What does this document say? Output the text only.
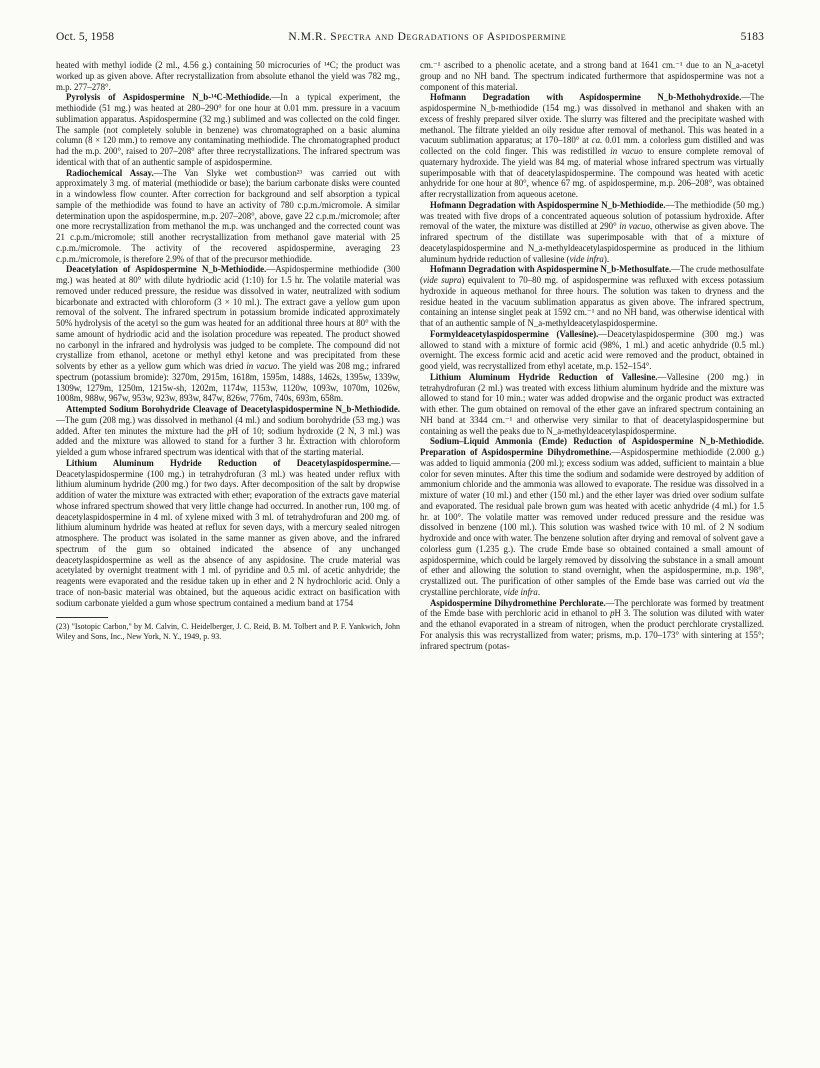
Oct. 5, 1958	N.M.R. Spectra and Degradations of Aspidospermine	5183

heated with methyl iodide (2 ml., 4.56 g.) containing 50 microcuries of ¹⁴C; the product was worked up as given above. After recrystallization from absolute ethanol the yield was 782 mg., m.p. 277–278°.

Pyrolysis of Aspidospermine N_b-¹⁴C-Methiodide.—In a typical experiment, the methiodide (51 mg.) was heated at 280–290° for one hour at 0.01 mm. pressure in a vacuum sublimation apparatus. Aspidospermine (32 mg.) sublimed and was collected on the cold finger. The sample (not completely soluble in benzene) was chromatographed on a basic alumina column (8 × 120 mm.) to remove any contaminating methiodide. The chromatographed product had the m.p. 200°, raised to 207–208° after three recrystallizations. The infrared spectrum was identical with that of an authentic sample of aspidospermine.

Radiochemical Assay.—The Van Slyke wet combustion²³ was carried out with approximately 3 mg. of material (methiodide or base); the barium carbonate disks were counted in a windowless flow counter. After correction for background and self absorption a typical sample of the methiodide was found to have an activity of 780 c.p.m./micromole. A similar determination upon the aspidospermine, m.p. 207–208°, above, gave 22 c.p.m./micromole; after one more recrystallization from methanol the m.p. was unchanged and the corrected count was 21 c.p.m./micromole; still another recrystallization from methanol gave material with 25 c.p.m./micromole. The activity of the recovered aspidospermine, averaging 23 c.p.m./micromole, is therefore 2.9% of that of the precursor methiodide.

Deacetylation of Aspidospermine N_b-Methiodide.—Aspidospermine methiodide (300 mg.) was heated at 80° with dilute hydriodic acid (1:10) for 1.5 hr. The volatile material was removed under reduced pressure, the residue was dissolved in water, neutralized with sodium bicarbonate and extracted with chloroform (3 × 10 ml.). The extract gave a yellow gum upon removal of the solvent. The infrared spectrum in potassium bromide indicated approximately 50% hydrolysis of the acetyl so the gum was heated for an additional three hours at 80° with the same amount of hydriodic acid and the isolation procedure was repeated. The product showed no carbonyl in the infrared and hydrolysis was judged to be complete. The compound did not crystallize from ethanol, acetone or methyl ethyl ketone and was precipitated from these solvents by ether as a yellow gum which was dried in vacuo. The yield was 208 mg.; infrared spectrum (potassium bromide): 3270m, 2915m, 1618m, 1595m, 1488s, 1462s, 1395w, 1339w, 1309w, 1279m, 1250m, 1215w-sh, 1202m, 1174w, 1153w, 1120w, 1093w, 1070m, 1026w, 1008m, 988w, 967w, 953w, 923w, 893w, 847w, 826w, 776m, 740s, 693m, 658m.

Attempted Sodium Borohydride Cleavage of Deacetylaspidospermine N_b-Methiodide.—The gum (208 mg.) was dissolved in methanol (4 ml.) and sodium borohydride (53 mg.) was added. After ten minutes the mixture had the pH of 10; sodium hydroxide (2 N, 3 ml.) was added and the mixture was allowed to stand for a further 3 hr. Extraction with chloroform yielded a gum whose infrared spectrum was identical with that of the starting material.

Lithium Aluminum Hydride Reduction of Deacetylaspidospermine.—Deacetylaspidospermine (100 mg.) in tetrahydrofuran (3 ml.) was heated under reflux with lithium aluminum hydride (200 mg.) for two days. After decomposition of the salt by dropwise addition of water the mixture was extracted with ether; evaporation of the extracts gave material whose infrared spectrum showed that very little change had occurred. In another run, 100 mg. of deacetylaspidospermine in 4 ml. of xylene mixed with 3 ml. of tetrahydrofuran and 200 mg. of lithium aluminum hydride was heated at reflux for seven days, with a mercury sealed nitrogen atmosphere. The product was isolated in the same manner as given above, and the infrared spectrum of the gum so obtained indicated the absence of any unchanged deacetylaspidospermine as well as the absence of any aspidosine. The crude material was acetylated by overnight treatment with 1 ml. of pyridine and 0.5 ml. of acetic anhydride; the reagents were evaporated and the residue taken up in ether and 2 N hydrochloric acid. Only a trace of non-basic material was obtained, but the aqueous acidic extract on basification with sodium carbonate yielded a gum whose spectrum contained a medium band at 1754

(23) "Isotopic Carbon," by M. Calvin, C. Heidelberger, J. C. Reid, B. M. Tolbert and P. F. Yankwich, John Wiley and Sons, Inc., New York, N. Y., 1949, p. 93.

cm.⁻¹ ascribed to a phenolic acetate, and a strong band at 1641 cm.⁻¹ due to an N_a-acetyl group and no NH band. The spectrum indicated furthermore that aspidospermine was not a component of this material.

Hofmann Degradation with Aspidospermine N_b-Methohydroxide.—The aspidospermine N_b-methiodide (154 mg.) was dissolved in methanol and shaken with an excess of freshly prepared silver oxide. The slurry was filtered and the precipitate washed with methanol. The filtrate yielded an oily residue after removal of methanol. This was heated in a vacuum sublimation apparatus; at 170–180° at ca. 0.01 mm. a colorless gum distilled and was collected on the cold finger. This was redistilled in vacuo to ensure complete removal of quaternary hydroxide. The yield was 84 mg. of material whose infrared spectrum was virtually superimposable with that of deacetylaspidospermine. The compound was heated with acetic anhydride for one hour at 80°, whence 67 mg. of aspidospermine, m.p. 206–208°, was obtained after recrystallization from aqueous acetone.

Hofmann Degradation with Aspidospermine N_b-Methiodide.—The methiodide (50 mg.) was treated with five drops of a concentrated aqueous solution of potassium hydroxide. After removal of the water, the mixture was distilled at 290° in vacuo, otherwise as given above. The infrared spectrum of the distillate was superimposable with that of a mixture of deacetylaspidospermine and N_a-methyldeacetylaspidospermine as produced in the lithium aluminum hydride reduction of vallesine (vide infra).

Hofmann Degradation with Aspidospermine N_b-Methosulfate.—The crude methosulfate (vide supra) equivalent to 70–80 mg. of aspidospermine was refluxed with excess potassium hydroxide in aqueous methanol for three hours. The solution was taken to dryness and the residue heated in the vacuum sublimation apparatus as given above. The infrared spectrum, containing an intense singlet peak at 1592 cm.⁻¹ and no NH band, was otherwise identical with that of an authentic sample of N_a-methyldeacetylaspidospermine.

Formyldeacetylaspidospermine (Vallesine).—Deacetylaspidospermine (300 mg.) was allowed to stand with a mixture of formic acid (98%, 1 ml.) and acetic anhydride (0.5 ml.) overnight. The excess formic acid and acetic acid were removed and the product, obtained in good yield, was recrystallized from ethyl acetate, m.p. 152–154°.

Lithium Aluminum Hydride Reduction of Vallesine.—Vallesine (200 mg.) in tetrahydrofuran (2 ml.) was treated with excess lithium aluminum hydride and the mixture was allowed to stand for 10 min.; water was added dropwise and the organic product was extracted with ether. The gum obtained on removal of the ether gave an infrared spectrum containing an NH band at 3344 cm.⁻¹ and otherwise very similar to that of deacetylaspidospermine but containing as well the peaks due to N_a-methyldeacetylaspidospermine.

Sodium–Liquid Ammonia (Emde) Reduction of Aspidospermine N_b-Methiodide. Preparation of Aspidospermine Dihydromethine.—Aspidospermine methiodide (2.000 g.) was added to liquid ammonia (200 ml.); excess sodium was added, sufficient to maintain a blue color for seven minutes. After this time the sodium and sodamide were destroyed by addition of ammonium chloride and the ammonia was allowed to evaporate. The residue was dissolved in a mixture of water (10 ml.) and ether (150 ml.) and the ether layer was dried over sodium sulfate and evaporated. The residual pale brown gum was heated with acetic anhydride (4 ml.) for 1.5 hr. at 100°. The volatile matter was removed under reduced pressure and the residue was dissolved in benzene (100 ml.). This solution was washed twice with 10 ml. of 2 N sodium hydroxide and once with water. The benzene solution after drying and removal of solvent gave a colorless gum (1.235 g.). The crude Emde base so obtained contained a small amount of aspidospermine, which could be largely removed by dissolving the substance in a small amount of ether and allowing the solution to stand overnight, when the aspidospermine, m.p. 198°, crystallized out. The purification of other samples of the Emde base was carried out via the crystalline perchlorate, vide infra.

Aspidospermine Dihydromethine Perchlorate.—The perchlorate was formed by treatment of the Emde base with perchloric acid in ethanol to pH 3. The solution was diluted with water and the ethanol evaporated in a stream of nitrogen, when the product perchlorate crystallized. For analysis this was recrystallized from water; prisms, m.p. 170–173° with sintering at 155°; infrared spectrum (potas-
